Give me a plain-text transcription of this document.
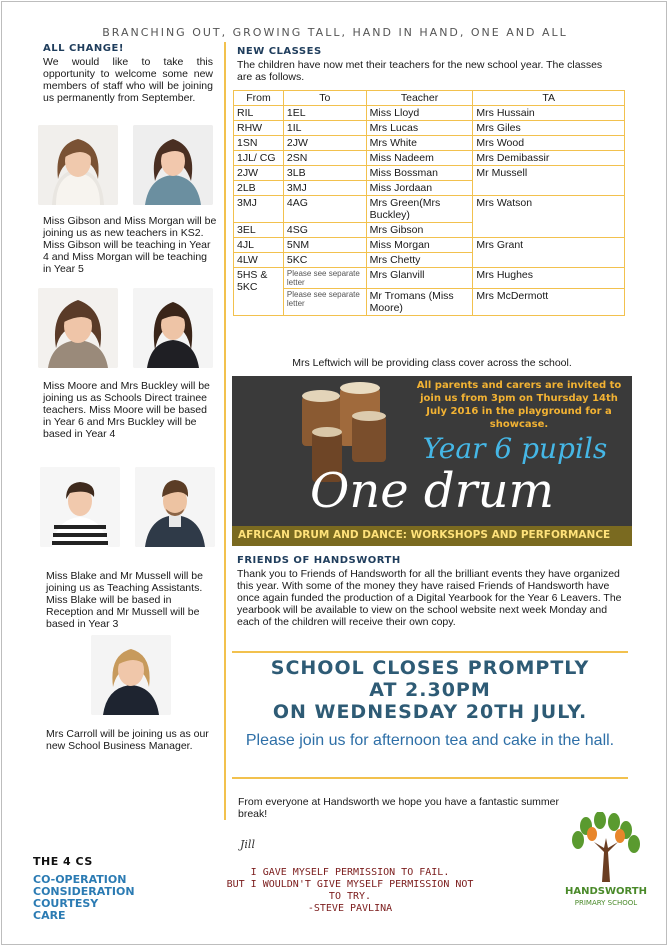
BRANCHING OUT, GROWING TALL, HAND IN HAND, ONE AND ALL
ALL CHANGE!
We would like to take this opportunity to welcome some new members of staff who will be joining us permanently from September.
Miss Gibson and Miss Morgan will be joining us as new teachers in KS2. Miss Gibson will be teaching in Year 4 and Miss Morgan will be teaching in Year 5
Miss Moore and Mrs Buckley will be joining us as Schools Direct trainee teachers. Miss Moore will be based in Year 6 and Mrs Buckley will be based in Year 4
Miss Blake and Mr Mussell will be joining us as Teaching Assistants. Miss Blake will be based in Reception and Mr Mussell will be based in Year 3
Mrs Carroll will be joining us as our new School Business Manager.
NEW CLASSES
The children have now met their teachers for the new school year. The classes are as follows.
From	To	Teacher	TA
RIL	1EL	Miss Lloyd	Mrs Hussain
RHW	1IL	Mrs Lucas	Mrs Giles
1SN	2JW	Mrs White	Mrs Wood
1JL/ CG	2SN	Miss Nadeem	Mrs Demibassir
2JW	3LB	Miss Bossman	Mr Mussell
2LB	3MJ	Miss Jordaan	
3MJ	4AG	Mrs Green(Mrs Buckley)	Mrs Watson
3EL	4SG	Mrs Gibson	
4JL	5NM	Miss Morgan	Mrs Grant
4LW	5KC	Mrs Chetty	
5HS & 5KC	Please see separate letter	Mrs Glanvill	Mrs Hughes
	Please see separate letter	Mr Tromans (Miss Moore)	Mrs McDermott
Mrs Leftwich will be providing class cover across the school.
All parents and carers are invited to join us from 3pm on Thursday 14th July 2016 in the playground for a showcase.
Year 6 pupils
One drum
AFRICAN DRUM AND DANCE: WORKSHOPS AND PERFORMANCE
FRIENDS OF HANDSWORTH
Thank you to Friends of Handsworth for all the brilliant events they have organized this year. With some of the money they have raised Friends of Handsworth have once again funded the production of a Digital Yearbook for the Year 6 Leavers. The yearbook will be available to view on the school website next week Monday and each of the children will receive their own copy.
SCHOOL CLOSES PROMPTLY
AT 2.30PM
ON WEDNESDAY 20TH JULY.
Please join us for afternoon tea and cake in the hall.
From everyone at Handsworth we hope you have a fantastic summer break!
Jill
THE 4 CS
CO-OPERATION
CONSIDERATION
COURTESY
CARE
I GAVE MYSELF PERMISSION TO FAIL.
BUT I WOULDN'T GIVE MYSELF PERMISSION NOT
TO TRY.
-STEVE PAVLINA
HANDSWORTH
PRIMARY SCHOOL
